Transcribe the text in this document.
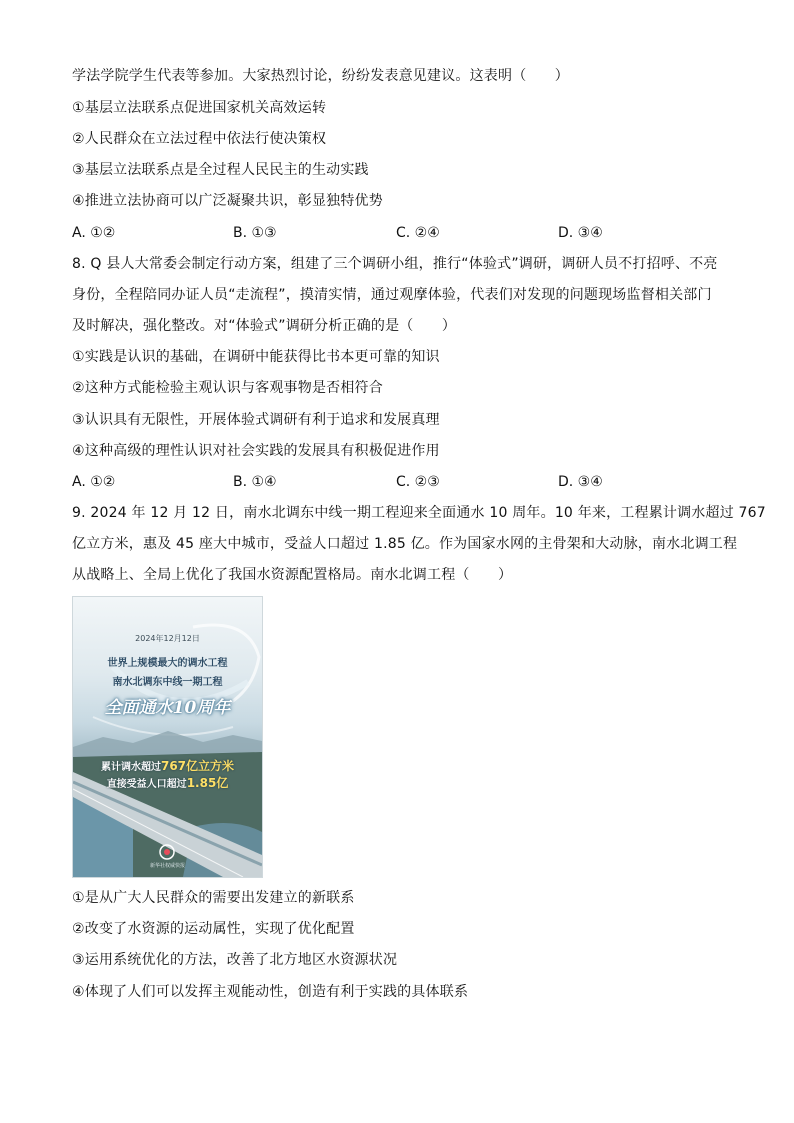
学法学院学生代表等参加。大家热烈讨论，纷纷发表意见建议。这表明（　　）
①基层立法联系点促进国家机关高效运转
②人民群众在立法过程中依法行使决策权
③基层立法联系点是全过程人民民主的生动实践
④推进立法协商可以广泛凝聚共识，彰显独特优势
A. ①②	B. ①③	C. ②④	D. ③④
8. Q 县人大常委会制定行动方案，组建了三个调研小组，推行“体验式”调研，调研人员不打招呼、不亮
身份，全程陪同办证人员“走流程”，摸清实情，通过观摩体验，代表们对发现的问题现场监督相关部门
及时解决，强化整改。对“体验式”调研分析正确的是（　　）
①实践是认识的基础，在调研中能获得比书本更可靠的知识
②这种方式能检验主观认识与客观事物是否相符合
③认识具有无限性，开展体验式调研有利于追求和发展真理
④这种高级的理性认识对社会实践的发展具有积极促进作用
A. ①②	B. ①④	C. ②③	D. ③④
9. 2024 年 12 月 12 日，南水北调东中线一期工程迎来全面通水 10 周年。10 年来，工程累计调水超过 767
亿立方米，惠及 45 座大中城市，受益人口超过 1.85 亿。作为国家水网的主骨架和大动脉，南水北调工程
从战略上、全局上优化了我国水资源配置格局。南水北调工程（　　）
2024年12月12日
世界上规模最大的调水工程
南水北调东中线一期工程
全面通水10周年
累计调水超过767亿立方米
直接受益人口超过1.85亿
新华社权威快报
①是从广大人民群众的需要出发建立的新联系
②改变了水资源的运动属性，实现了优化配置
③运用系统优化的方法，改善了北方地区水资源状况
④体现了人们可以发挥主观能动性，创造有利于实践的具体联系
